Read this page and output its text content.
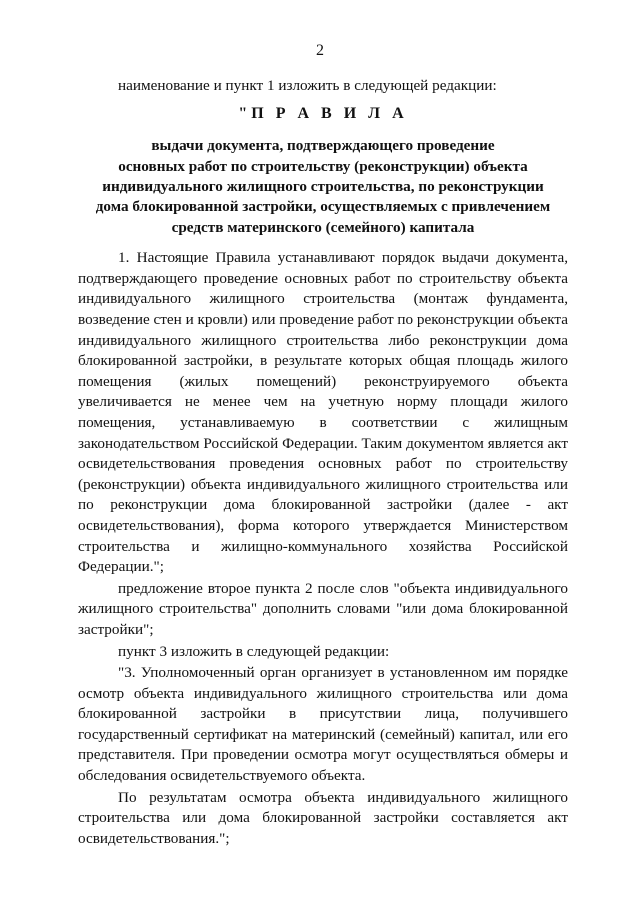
2

наименование и пункт 1 изложить в следующей редакции:

"П Р А В И Л А
выдачи документа, подтверждающего проведение
основных работ по строительству (реконструкции) объекта
индивидуального жилищного строительства, по реконструкции
дома блокированной застройки, осуществляемых с привлечением
средств материнского (семейного) капитала

1. Настоящие Правила устанавливают порядок выдачи документа, подтверждающего проведение основных работ по строительству объекта индивидуального жилищного строительства (монтаж фундамента, возведение стен и кровли) или проведение работ по реконструкции объекта индивидуального жилищного строительства либо реконструкции дома блокированной застройки, в результате которых общая площадь жилого помещения (жилых помещений) реконструируемого объекта увеличивается не менее чем на учетную норму площади жилого помещения, устанавливаемую в соответствии с жилищным законодательством Российской Федерации. Таким документом является акт освидетельствования проведения основных работ по строительству (реконструкции) объекта индивидуального жилищного строительства или по реконструкции дома блокированной застройки (далее - акт освидетельствования), форма которого утверждается Министерством строительства и жилищно-коммунального хозяйства Российской Федерации.";

предложение второе пункта 2 после слов "объекта индивидуального жилищного строительства" дополнить словами "или дома блокированной застройки";

пункт 3 изложить в следующей редакции:

"3. Уполномоченный орган организует в установленном им порядке осмотр объекта индивидуального жилищного строительства или дома блокированной застройки в присутствии лица, получившего государственный сертификат на материнский (семейный) капитал, или его представителя. При проведении осмотра могут осуществляться обмеры и обследования освидетельствуемого объекта.

По результатам осмотра объекта индивидуального жилищного строительства или дома блокированной застройки составляется акт освидетельствования.";
